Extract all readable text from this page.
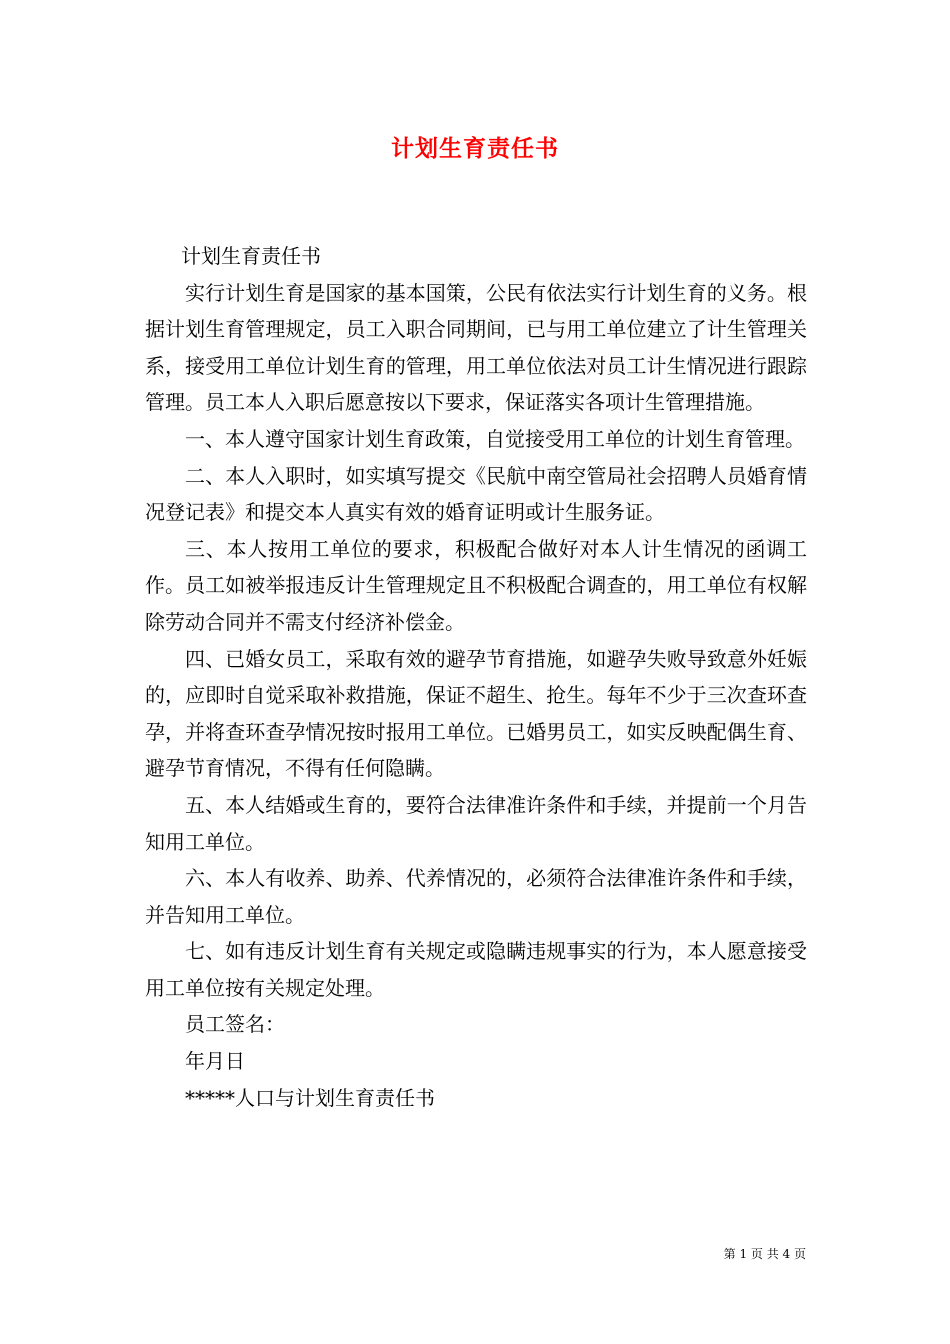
计划生育责任书

计划生育责任书

实行计划生育是国家的基本国策，公民有依法实行计划生育的义务。根据计划生育管理规定，员工入职合同期间，已与用工单位建立了计生管理关系，接受用工单位计划生育的管理，用工单位依法对员工计生情况进行跟踪管理。员工本人入职后愿意按以下要求，保证落实各项计生管理措施。

一、本人遵守国家计划生育政策，自觉接受用工单位的计划生育管理。

二、本人入职时，如实填写提交《民航中南空管局社会招聘人员婚育情况登记表》和提交本人真实有效的婚育证明或计生服务证。

三、本人按用工单位的要求，积极配合做好对本人计生情况的函调工作。员工如被举报违反计生管理规定且不积极配合调查的，用工单位有权解除劳动合同并不需支付经济补偿金。

四、已婚女员工，采取有效的避孕节育措施，如避孕失败导致意外妊娠的，应即时自觉采取补救措施，保证不超生、抢生。每年不少于三次查环查孕，并将查环查孕情况按时报用工单位。已婚男员工，如实反映配偶生育、避孕节育情况，不得有任何隐瞒。

五、本人结婚或生育的，要符合法律准许条件和手续，并提前一个月告知用工单位。

六、本人有收养、助养、代养情况的，必须符合法律准许条件和手续，并告知用工单位。

七、如有违反计划生育有关规定或隐瞒违规事实的行为，本人愿意接受用工单位按有关规定处理。

员工签名：

年月日

*****人口与计划生育责任书

第 1 页 共 4 页
